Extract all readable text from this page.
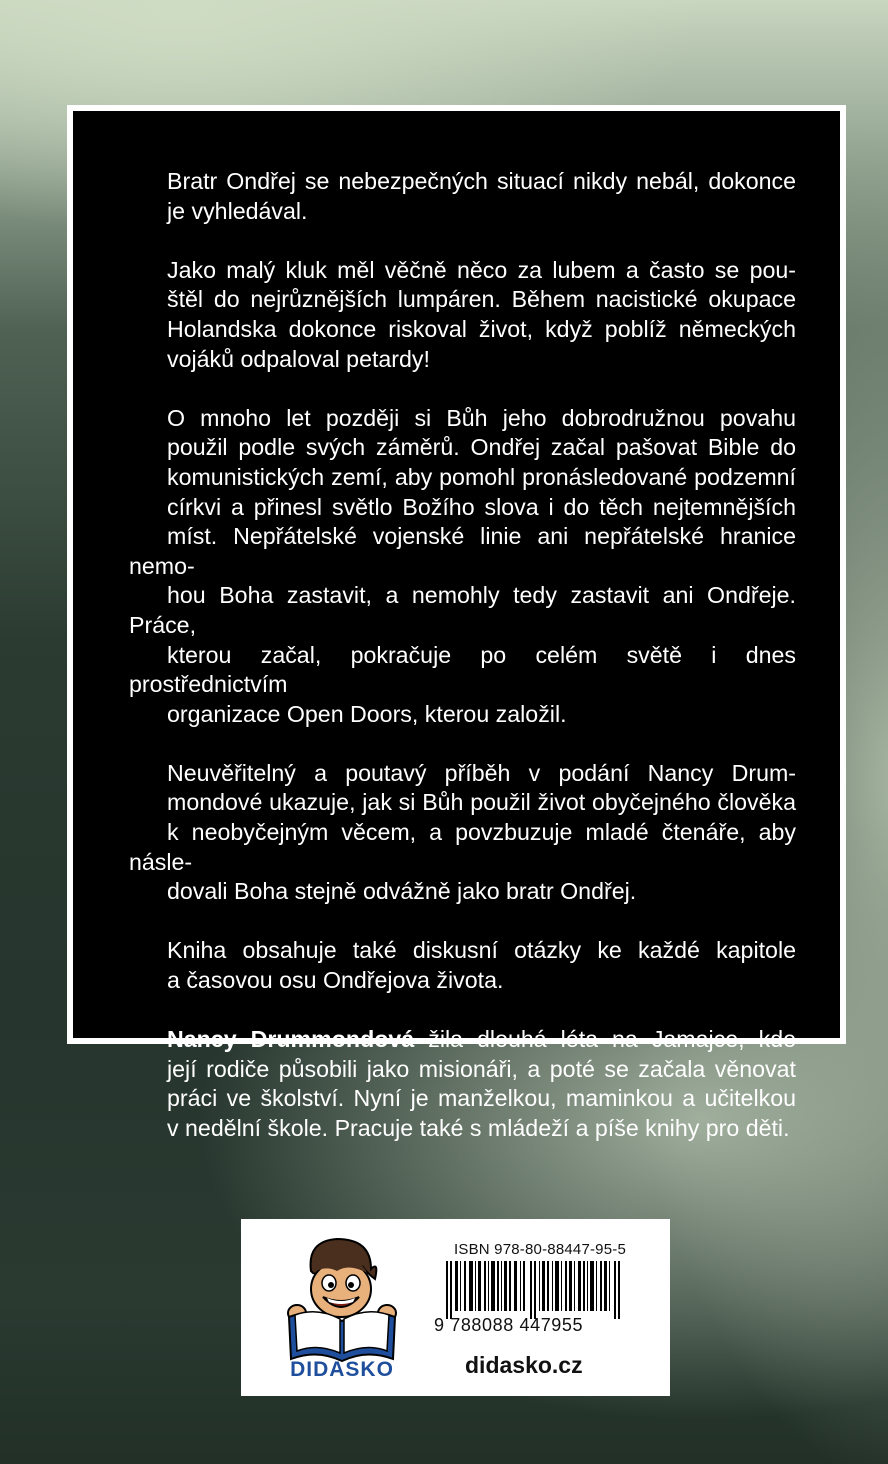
Bratr Ondřej se nebezpečných situací nikdy nebál, dokonce
je vyhledával.

Jako malý kluk měl věčně něco za lubem a často se pou-
štěl do nejrůznějších lumpáren. Během nacistické okupace
Holandska dokonce riskoval život, když poblíž německých
vojáků odpaloval petardy!

O mnoho let později si Bůh jeho dobrodružnou povahu
použil podle svých záměrů. Ondřej začal pašovat Bible do
komunistických zemí, aby pomohl pronásledované podzemní
církvi a přinesl světlo Božího slova i do těch nejtemnějších
míst. Nepřátelské vojenské linie ani nepřátelské hranice nemo-
hou Boha zastavit, a nemohly tedy zastavit ani Ondřeje. Práce,
kterou začal, pokračuje po celém světě i dnes prostřednictvím
organizace Open Doors, kterou založil.

Neuvěřitelný a poutavý příběh v podání Nancy Drum-
mondové ukazuje, jak si Bůh použil život obyčejného člověka
k neobyčejným věcem, a povzbuzuje mladé čtenáře, aby násle-
dovali Boha stejně odvážně jako bratr Ondřej.

Kniha obsahuje také diskusní otázky ke každé kapitole
a časovou osu Ondřejova života.

Nancy Drummondová žila dlouhá léta na Jamajce, kde
její rodiče působili jako misionáři, a poté se začala věnovat
práci ve školství. Nyní je manželkou, maminkou a učitelkou
v nedělní škole. Pracuje také s mládeží a píše knihy pro děti.

DIDASKO
ISBN 978-80-88447-95-5
9 788088 447955
didasko.cz
